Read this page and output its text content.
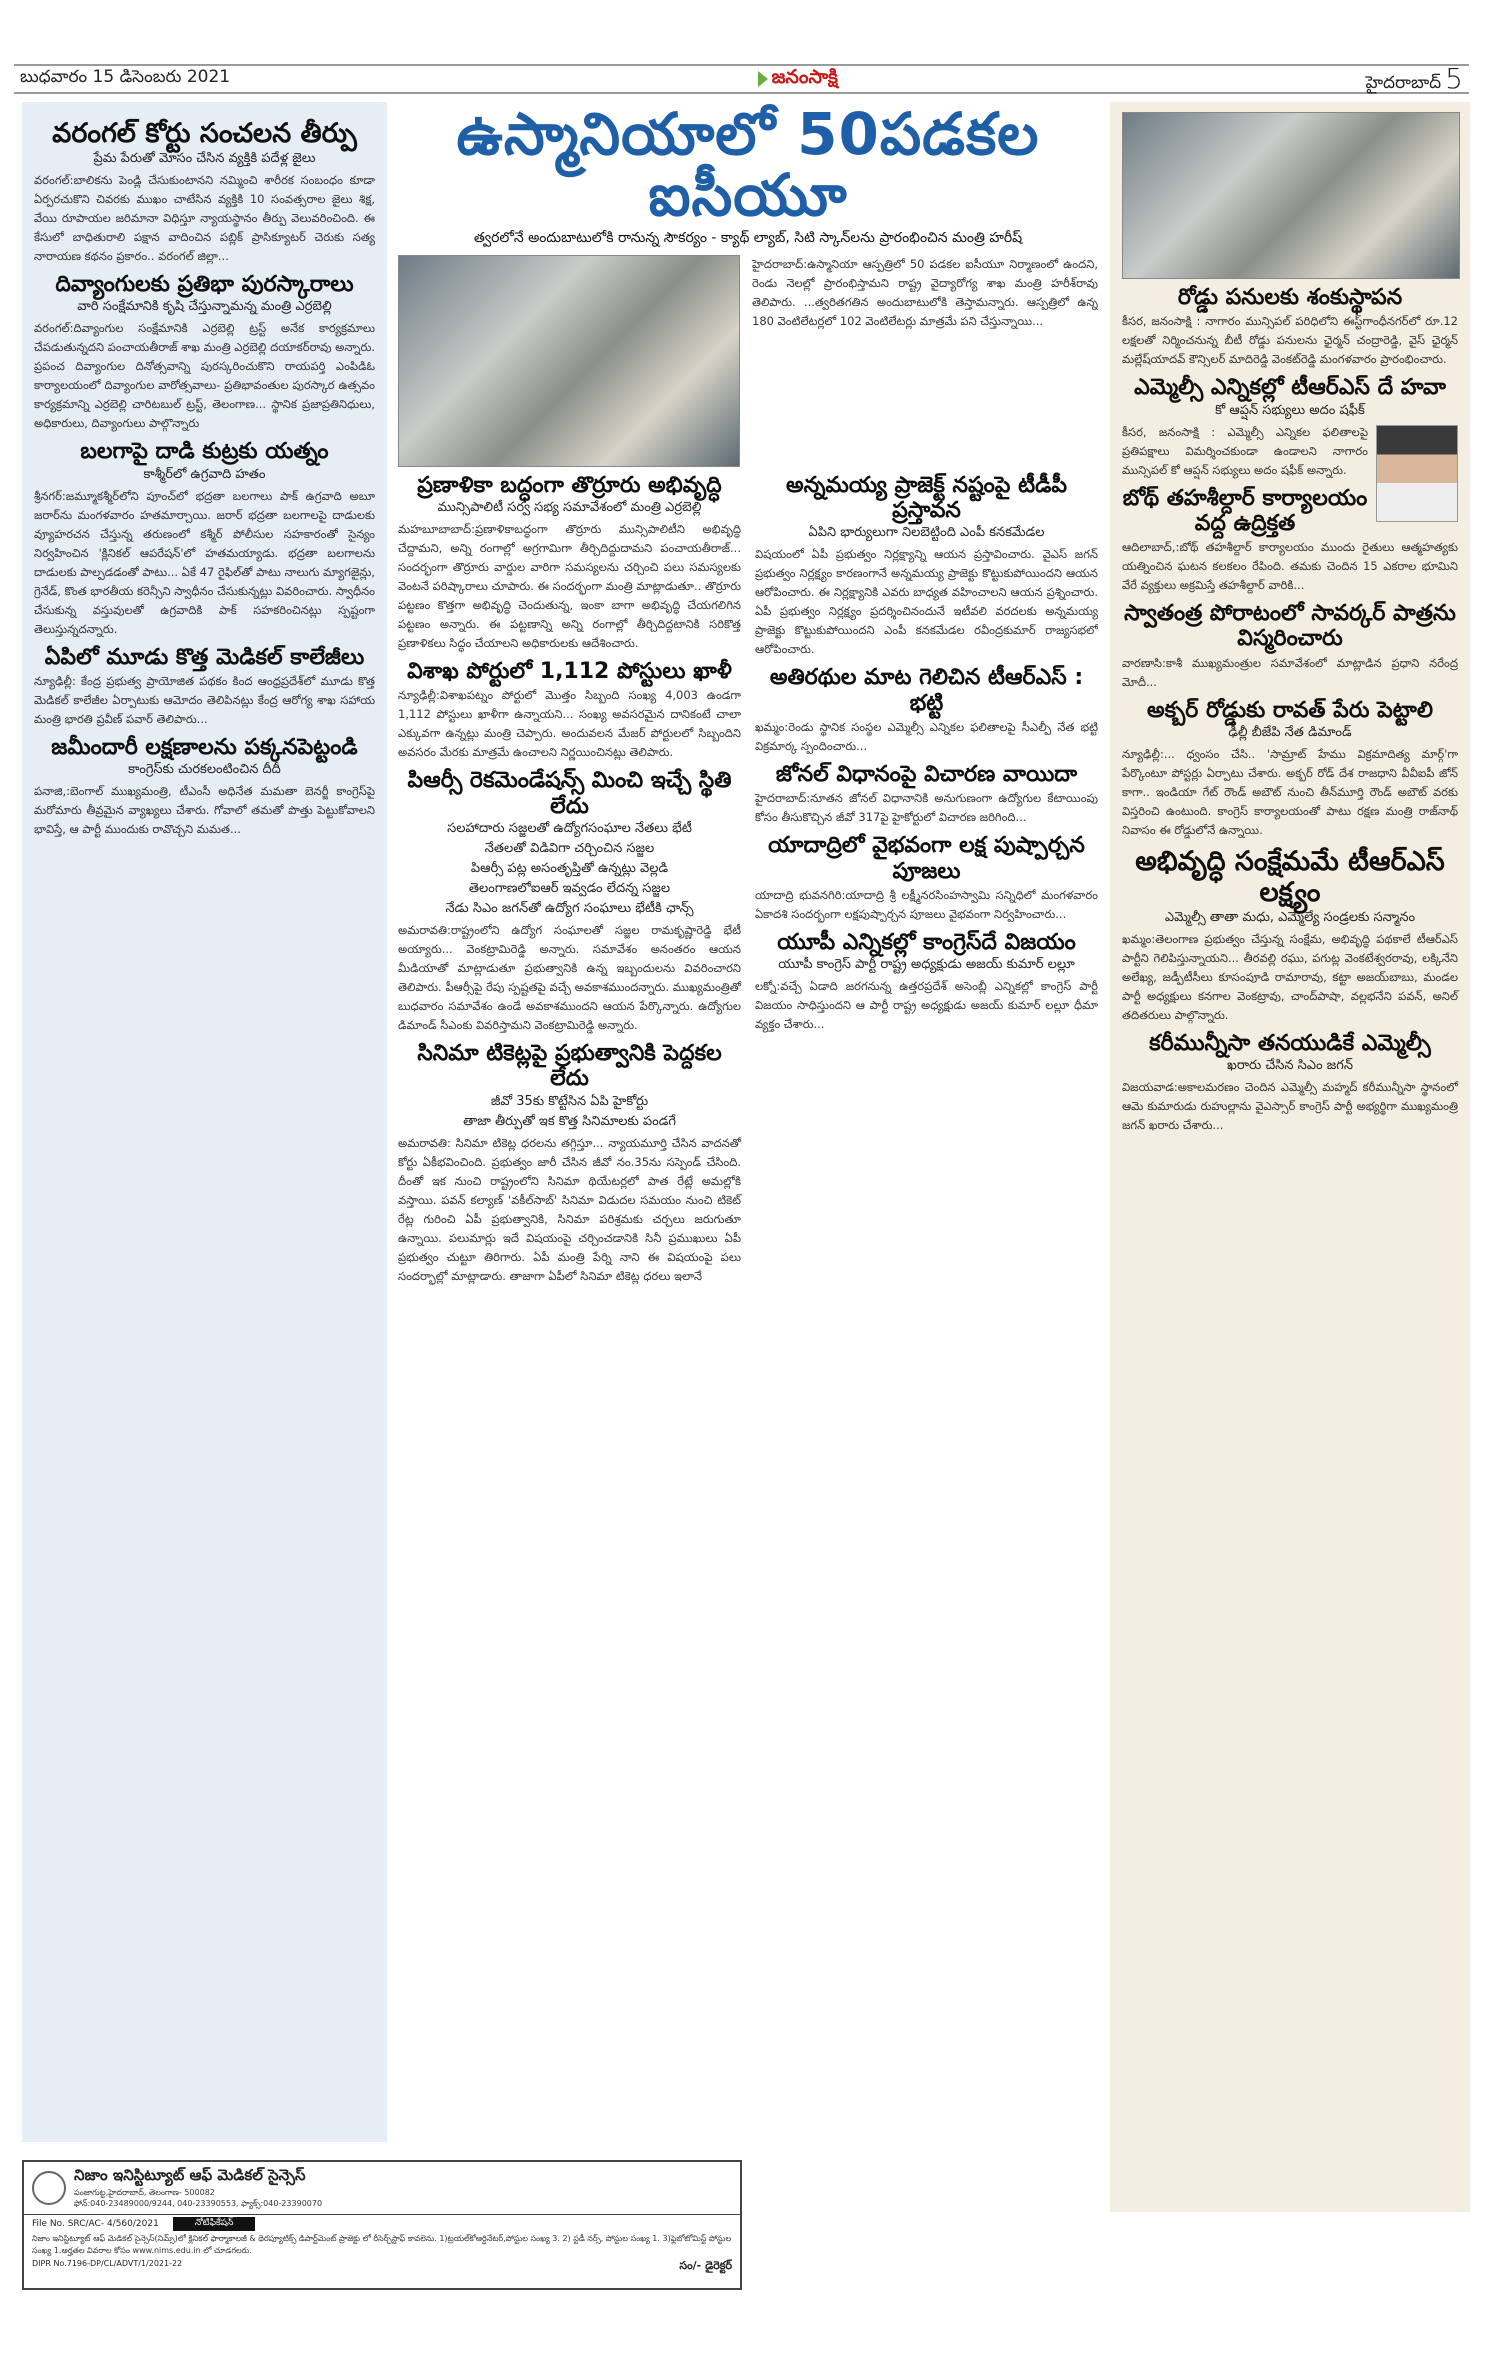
బుధవారం 15 డిసెంబరు 2021	జనంసాక్షి	హైదరాబాద్ 5
వరంగల్ కోర్టు సంచలన తీర్పు
ప్రేమ పేరుతో మోసం చేసిన వ్యక్తికి పదేళ్ల జైలు

వరంగల్:బాలికను పెండ్లి చేసుకుంటానని నమ్మించి శారీరక సంబంధం కూడా ఏర్పరచుకొని చివరకు ముఖం చాటేసిన వ్యక్తికి 10 సంవత్సరాల జైలు శిక్ష, వేయి రూపాయల జరిమానా విధిస్తూ న్యాయస్థానం తీర్పు వెలువరించింది. ఈ కేసులో బాధితురాలి పక్షాన వాదించిన పబ్లిక్ ప్రాసిక్యూటర్ చెరుకు సత్య నారాయణ కథనం ప్రకారం.. వరంగల్ జిల్లా...

దివ్యాంగులకు ప్రతిభా పురస్కారాలు
వారి సంక్షేమానికి కృషి చేస్తున్నామన్న మంత్రి ఎర్రబెల్లి

వరంగల్:దివ్యాంగుల సంక్షేమానికి ఎర్రబెల్లి ట్రస్ట్ అనేక కార్యక్రమాలు చేపడుతున్నదని పంచాయతీరాజ్ శాఖ మంత్రి ఎర్రబెల్లి దయాకర్‌రావు అన్నారు. ప్రపంచ దివ్యాంగుల దినోత్సవాన్ని పురస్కరించుకొని రాయపర్తి ఎంపిడిఓ కార్యాలయంలో దివ్యాంగుల వారోత్సవాలు- ప్రతిభావంతుల పురస్కార ఉత్సవం కార్యక్రమాన్ని ఎర్రబెల్లి చారిటబుల్ ట్రస్ట్, తెలంగాణ... స్థానిక ప్రజాప్రతినిధులు, అధికారులు, దివ్యాంగులు పాల్గొన్నారు

బలగాపై దాడి కుట్రకు యత్నం
కాశ్మీర్‌లో ఉగ్రవాది హతం

శ్రీనగర్:జమ్మూకశ్మీర్‌లోని పూంచ్‌లో భద్రతా బలగాలు పాక్ ఉగ్రవాది అబూ జరార్‌ను మంగళవారం హతమార్చాయి. జరార్ భద్రతా బలగాలపై దాడులకు వ్యూహరచన చేస్తున్న తరుణంలో కశ్మీర్ పోలీసుల సహకారంతో సైన్యం నిర్వహించిన 'క్లినికల్ ఆపరేషన్'లో హతమయ్యాడు. భద్రతా బలగాలను దాడులకు పాల్పడడంతో పాటు... ఏకే 47 రైఫిల్‌తో పాటు నాలుగు మ్యాగజైన్లు, గ్రెనేడ్, కొంత భారతీయ కరెన్సీని స్వాధీనం చేసుకున్నట్లు వివరించారు. స్వాధీనం చేసుకున్న వస్తువులతో ఉగ్రవాదికి పాక్ సహకరించినట్లు స్పష్టంగా తెలుస్తున్నదన్నారు.

ఏపిలో మూడు కొత్త మెడికల్ కాలేజీలు

న్యూఢిల్లీ: కేంద్ర ప్రభుత్వ ప్రాయోజిత పథకం కింద ఆంధ్రప్రదేశ్‌లో మూడు కొత్త మెడికల్ కాలేజీల ఏర్పాటుకు ఆమోదం తెలిపినట్లు కేంద్ర ఆరోగ్య శాఖ సహాయ మంత్రి భారతి ప్రవీణ్ పవార్ తెలిపారు...

జమీందారీ లక్షణాలను పక్కనపెట్టండి
కాంగ్రెస్‌కు చురకలంటించిన దీదీ

పనాజి,:బెంగాల్ ముఖ్యమంత్రి, టీఎంసీ అధినేత మమతా బెనర్జీ కాంగ్రెస్‌పై మరోమారు తీవ్రమైన వ్యాఖ్యలు చేశారు. గోవాలో తమతో పొత్తు పెట్టుకోవాలని భావిస్తే, ఆ పార్టీ ముందుకు రావొచ్చని మమత...

ఉస్మానియాలో 50పడకల ఐసీయూ
త్వరలోనే అందుబాటులోకి రానున్న సౌకర్యం - క్యాథ్ ల్యాబ్, సిటి స్కాన్‌లను ప్రారంభించిన మంత్రి హరీష్

హైదరాబాద్:ఉస్మానియా ఆస్పత్రిలో 50 పడకల ఐసీయూ నిర్మాణంలో ఉందని, రెండు నెలల్లో ప్రారంభిస్తామని రాష్ట్ర వైద్యారోగ్య శాఖ మంత్రి హరీశ్‌రావు తెలిపారు. ...త్వరితగతిన అందుబాటులోకి తెస్తామన్నారు. ఆస్పత్రిలో ఉన్న 180 వెంటిలేటర్లలో 102 వెంటిలేటర్లు మాత్రమే పని చేస్తున్నాయి...

ప్రణాళికా బద్ధంగా తొర్రూరు అభివృద్ధి
మున్సిపాలిటీ సర్వ సభ్య సమావేశంలో మంత్రి ఎర్రబెల్లి

మహబూబాబాద్:ప్రణాళికాబద్ధంగా తొర్రూరు మున్సిపాలిటీని అభివృద్ధి చేద్దామని, అన్ని రంగాల్లో అగ్రగామిగా తీర్చిదిద్దుదామని పంచాయతీరాజ్... సందర్భంగా తొర్రూరు వార్డుల వారిగా సమస్యలను చర్చించి పలు సమస్యలకు వెంటనే పరిష్కారాలు చూపారు. ఈ సందర్భంగా మంత్రి మాట్లాడుతూ.. తొర్రూరు పట్టణం కొత్తగా అభివృద్ధి చెందుతున్న, ఇంకా బాగా అభివృద్ధి చేయగలిగిన పట్టణం అన్నారు. ఈ పట్టణాన్ని అన్ని రంగాల్లో తీర్చిదిద్దటానికి సరికొత్త ప్రణాళికలు సిద్ధం చేయాలని అధికారులకు ఆదేశించారు.

విశాఖ పోర్టులో 1,112 పోస్టులు ఖాళీ

న్యూఢిల్లీ:విశాఖపట్నం పోర్టులో మొత్తం సిబ్బంది సంఖ్య 4,003 ఉండగా 1,112 పోస్టులు ఖాళీగా ఉన్నాయని... సంఖ్య అవసరమైన దానికంటే చాలా ఎక్కువగా ఉన్నట్లు మంత్రి చెప్పారు. అందువలన మేజర్ పోర్టులలో సిబ్బందిని అవసరం మేరకు మాత్రమే ఉంచాలని నిర్ణయించినట్లు తెలిపారు.

పిఆర్సీ రెకమెండేషన్స్ మించి ఇచ్చే స్థితి లేదు
సలహాదారు సజ్జలతో ఉద్యోగసంఘాల నేతలు భేటీ
నేతలతో విడివిగా చర్చించిన సజ్జల
పిఆర్సీ పట్ల అసంతృప్తితో ఉన్నట్లు వెల్లడి
తెలంగాణలోఐఆర్ ఇవ్వడం లేదన్న సజ్జల
నేడు సిఎం జగన్‌తో ఉద్యోగ సంఘాలు భేటీకి ఛాన్స్

అమరావతి:రాష్ట్రంలోని ఉద్యోగ సంఘాలతో సజ్జల రామకృష్ణారెడ్డి భేటీ అయ్యారు... వెంకట్రామిరెడ్డి అన్నారు. సమావేశం అనంతరం ఆయన మీడియాతో మాట్లాడుతూ ప్రభుత్వానికి ఉన్న ఇబ్బందులను వివరించారని తెలిపారు. పీఆర్సీపై రేపు స్పష్టతపై వచ్చే అవకాశముందన్నారు. ముఖ్యమంత్రితో బుధవారం సమావేశం ఉండే అవకాశముందని ఆయన పేర్కొన్నారు. ఉద్యోగుల డిమాండ్ సీఎంకు వివరిస్తామని వెంకట్రామిరెడ్డి అన్నారు.

సినిమా టికెట్లపై ప్రభుత్వానికి పెద్దకల లేదు
జీవో 35కు కొట్టేసిన ఏపి హైకోర్టు
తాజా తీర్పుతో ఇక కొత్త సినిమాలకు పండగే

అమరావతి: సినిమా టికెట్ల ధరలను తగ్గిస్తూ... న్యాయమూర్తి చేసిన వాదనతో కోర్టు ఏకీభవించింది. ప్రభుత్వం జారీ చేసిన జీవో నం.35ను సస్పెండ్ చేసింది. దీంతో ఇక నుంచి రాష్ట్రంలోని సినిమా థియేటర్లలో పాత రేట్లే అమల్లోకి వస్తాయి. పవన్ కల్యాణ్ 'వకీల్‌సాబ్' సినిమా విడుదల సమయం నుంచి టికెట్ రేట్ల గురించి ఏపీ ప్రభుత్వానికి, సినిమా పరిశ్రమకు చర్చలు జరుగుతూ ఉన్నాయి. పలుమార్లు ఇదే విషయంపై చర్చించడానికి సినీ ప్రముఖులు ఏపీ ప్రభుత్వం చుట్టూ తిరిగారు. ఏపీ మంత్రి పేర్ని నాని ఈ విషయంపై పలు సందర్భాల్లో మాట్లాడారు. తాజాగా ఏపీలో సినిమా టికెట్ల ధరలు ఇలానే

అన్నమయ్య ప్రాజెక్ట్ నష్టంపై టీడీపీ ప్రస్తావన
ఏపిని భార్యులుగా నిలబెట్టింది ఎంపీ కనకమేడల

విషయంలో ఏపీ ప్రభుత్వం నిర్లక్ష్యాన్ని ఆయన ప్రస్తావించారు. వైఎస్ జగన్ ప్రభుత్వం నిర్లక్ష్యం కారణంగానే అన్నమయ్య ప్రాజెక్టు కొట్టుకుపోయిందని ఆయన ఆరోపించారు. ఈ నిర్లక్ష్యానికి ఎవరు బాధ్యత వహించాలని ఆయన ప్రశ్నించారు. ఏపీ ప్రభుత్వం నిర్లక్ష్యం ప్రదర్శించినందునే ఇటీవలి వరదలకు అన్నమయ్య ప్రాజెక్టు కొట్టుకుపోయిందని ఎంపీ కనకమేడల రవీంద్రకుమార్ రాజ్యసభలో ఆరోపించారు.

అతిరథుల మాట గెలిచిన టీఆర్ఎస్ : భట్టి

ఖమ్మం:రెండు స్థానిక సంస్థల ఎమ్మెల్సీ ఎన్నికల ఫలితాలపై సీఎల్పీ నేత భట్టి విక్రమార్క స్పందించారు...

జోనల్ విధానంపై విచారణ వాయిదా

హైదరాబాద్:నూతన జోనల్ విధానానికి అనుగుణంగా ఉద్యోగుల కేటాయింపు కోసం తీసుకొచ్చిన జీవో 317పై హైకోర్టులో విచారణ జరిగింది...

యాదాద్రిలో వైభవంగా లక్ష పుష్పార్చన పూజలు

యాదాద్రి భువనగిరి:యాదాద్రి శ్రీ లక్ష్మీనరసింహస్వామి సన్నిధిలో మంగళవారం ఏకాదశి సందర్భంగా లక్షపుష్పార్చన పూజలు వైభవంగా నిర్వహించారు...

యూపీ ఎన్నికల్లో కాంగ్రెస్‌దే విజయం
యూపీ కాంగ్రెస్ పార్టీ రాష్ట్ర అధ్యక్షుడు అజయ్ కుమార్ లల్లూ

లక్నో:వచ్చే ఏడాది జరగనున్న ఉత్తరప్రదేశ్ అసెంబ్లీ ఎన్నికల్లో కాంగ్రెస్ పార్టీ విజయం సాధిస్తుందని ఆ పార్టీ రాష్ట్ర అధ్యక్షుడు అజయ్ కుమార్ లల్లూ ధీమా వ్యక్తం చేశారు...

రోడ్డు పనులకు శంకుస్థాపన

కీసర, జనంసాక్షి : నాగారం మున్సిపల్ పరిధిలోని ఈస్ట్‌గాంధీనగర్‌లో రూ.12 లక్షలతో నిర్మించనున్న బీటీ రోడ్డు పనులను ఛైర్మన్ చంద్రారెడ్డి, వైస్ ఛైర్మన్ మల్లేష్‌యాదవ్ కౌన్సిలర్ మాదిరెడ్డి వెంకట్‌రెడ్డి మంగళవారం ప్రారంభించారు.

ఎమ్మెల్సీ ఎన్నికల్లో టీఆర్ఎస్ దే హవా
కో ఆప్షన్ సభ్యులు అదం షఫీక్

కీసర, జనంసాక్షి : ఎమ్మెల్సీ ఎన్నికల ఫలితాలపై ప్రతిపక్షాలు విమర్శించకుండా ఉండాలని నాగారం మున్సిపల్ కో ఆప్షన్ సభ్యులు అదం షఫీక్ అన్నారు.

బోథ్ తహశీల్దార్ కార్యాలయం వద్ద ఉద్రిక్తత

ఆదిలాబాద్,:బోథ్ తహశీల్దార్ కార్యాలయం ముందు రైతులు ఆత్మహత్యకు యత్నించిన ఘటన కలకలం రేపింది. తమకు చెందిన 15 ఎకరాల భూమిని వేరే వ్యక్తులు అక్రమిస్తే తహశీల్దార్ వారికి...

స్వాతంత్ర పోరాటంలో సావర్కర్ పాత్రను విస్మరించారు

వారణాసి:కాశీ ముఖ్యమంత్రుల సమావేశంలో మాట్లాడిన ప్రధాని నరేంద్ర మోదీ...

అక్బర్ రోడ్డుకు రావత్ పేరు పెట్టాలి
ఢిల్లీ బీజేపి నేత డిమాండ్

న్యూఢిల్లీ:... ధ్వంసం చేసి.. 'సామ్రాట్ హేము విక్రమాదిత్య మార్గ్'గా పేర్కొంటూ పోస్టర్లు ఏర్పాటు చేశారు. అక్బర్ రోడ్ దేశ రాజధాని వీవీఐపీ జోన్ కాగా.. ఇండియా గేట్ రౌండ్ అబౌట్ నుంచి తీన్‌మూర్తి రౌండ్ అబౌట్ వరకు విస్తరించి ఉంటుంది. కాంగ్రెస్ కార్యాలయంతో పాటు రక్షణ మంత్రి రాజ్‌నాథ్ నివాసం ఈ రోడ్డులోనే ఉన్నాయి.

అభివృద్ధి సంక్షేమమే టీఆర్ఎస్ లక్ష్యం
ఎమ్మెల్సీ తాతా మధు, ఎమ్మెల్యే సండ్రలకు సన్మానం

ఖమ్మం:తెలంగాణ ప్రభుత్వం చేస్తున్న సంక్షేమ, అభివృద్ధి పథకాలే టీఆర్ఎస్ పార్టీని గెలిపిస్తున్నాయని... తీరవల్లి రఘు, పగుట్ల వెంకటేశ్వరరావు, లక్కినేని అలేఖ్య, జడ్పీటీసీలు కూసంపూడి రామారావు, కట్టా అజయ్‌బాబు, మండల పార్టీ అధ్యక్షులు కనగాల వెంకట్రావు, చాంద్‌పాషా, వల్లభనేని పవన్, అనిల్ తదితరులు పాల్గొన్నారు.

కరీమున్నీసా తనయుడికే ఎమ్మెల్సీ
ఖరారు చేసిన సిఎం జగన్

విజయవాడ:అకాలమరణం చెందిన ఎమ్మెల్సీ మహ్మద్ కరీమున్నీసా స్థానంలో ఆమె కుమారుడు రుహుల్లాను వైఎస్సార్ కాంగ్రెస్ పార్టీ అభ్యర్థిగా ముఖ్యమంత్రి జగన్ ఖరారు చేశారు...

నిజాం ఇనిస్టిట్యూట్ ఆఫ్ మెడికల్ సైన్సెస్
పంజాగుట్ట,హైదరాబాద్, తెలంగాణ- 500082
ఫోన్:040-23489000/9244, 040-23390553, ఫ్యాక్స్:040-23390070
File No. SRC/AC- 4/560/2021	నోటిఫికేషన్
నిజాం ఇనిస్టిట్యూట్ ఆఫ్ మెడికల్ సైన్సెస్(నిమ్స్)లో క్లినికల్ ఫార్మాకాలజీ & థెరప్యూటిక్స్ డిపార్ట్‌మెంట్ ప్రాజెక్టు లో రీసెర్చ్‌స్టాఫ్ కావలెను. 1)ట్రయల్‌కోఆర్డినేటర్,పోస్టుల సంఖ్య 3. 2) స్టడీ నర్స్, పోస్టుల సంఖ్య 1. 3)ఫ్లెబోటోమిస్ట్ పోస్టుల సంఖ్య 1.అర్హతల వివరాల కోసం www.nims.edu.in లో చూడగలరు.
DIPR No.7196-DP/CL/ADVT/1/2021-22	సం/- డైరెక్టర్
